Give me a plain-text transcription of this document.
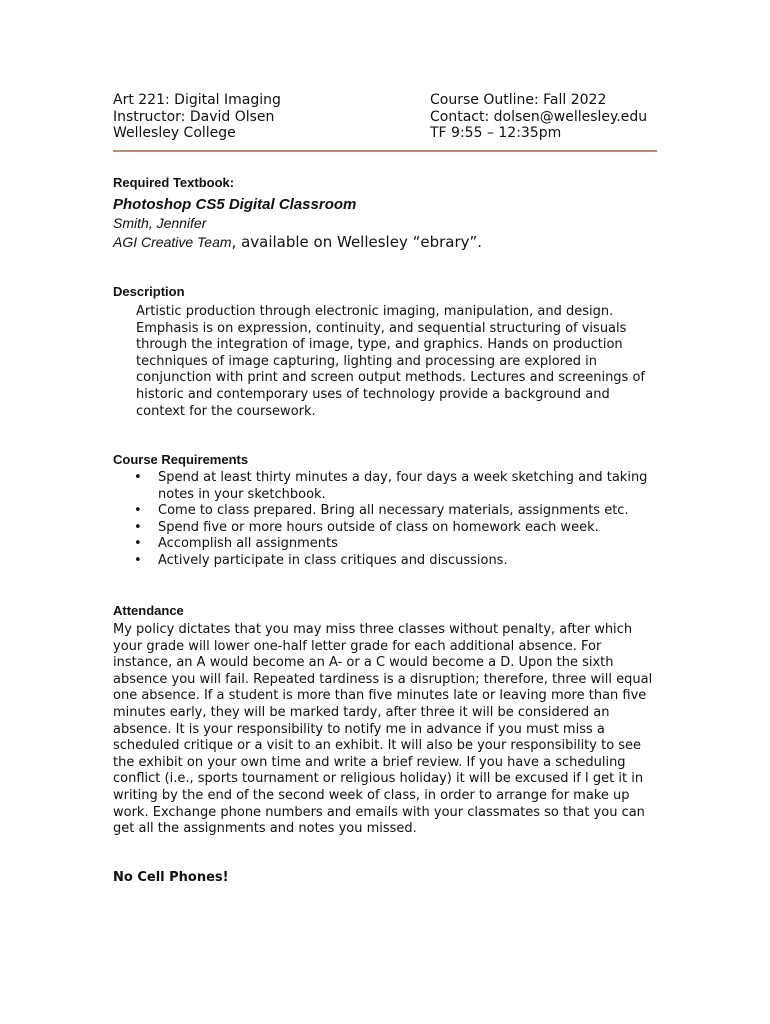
Art 221: Digital Imaging
Instructor: David Olsen
Wellesley College
Course Outline: Fall 2022
Contact: dolsen@wellesley.edu
TF 9:55 – 12:35pm
Required Textbook:
Photoshop CS5 Digital Classroom
Smith, Jennifer
AGI Creative Team, available on Wellesley “ebrary”.
Description
Artistic production through electronic imaging, manipulation, and design. Emphasis is on expression, continuity, and sequential structuring of visuals through the integration of image, type, and graphics. Hands on production techniques of image capturing, lighting and processing are explored in conjunction with print and screen output methods. Lectures and screenings of historic and contemporary uses of technology provide a background and context for the coursework.
Course Requirements
• Spend at least thirty minutes a day, four days a week sketching and taking notes in your sketchbook.
• Come to class prepared. Bring all necessary materials, assignments etc.
• Spend five or more hours outside of class on homework each week.
• Accomplish all assignments
• Actively participate in class critiques and discussions.
Attendance
My policy dictates that you may miss three classes without penalty, after which your grade will lower one-half letter grade for each additional absence. For instance, an A would become an A- or a C would become a D. Upon the sixth absence you will fail. Repeated tardiness is a disruption; therefore, three will equal one absence. If a student is more than five minutes late or leaving more than five minutes early, they will be marked tardy, after three it will be considered an absence. It is your responsibility to notify me in advance if you must miss a scheduled critique or a visit to an exhibit. It will also be your responsibility to see the exhibit on your own time and write a brief review. If you have a scheduling conflict (i.e., sports tournament or religious holiday) it will be excused if I get it in writing by the end of the second week of class, in order to arrange for make up work. Exchange phone numbers and emails with your classmates so that you can get all the assignments and notes you missed.
No Cell Phones!
